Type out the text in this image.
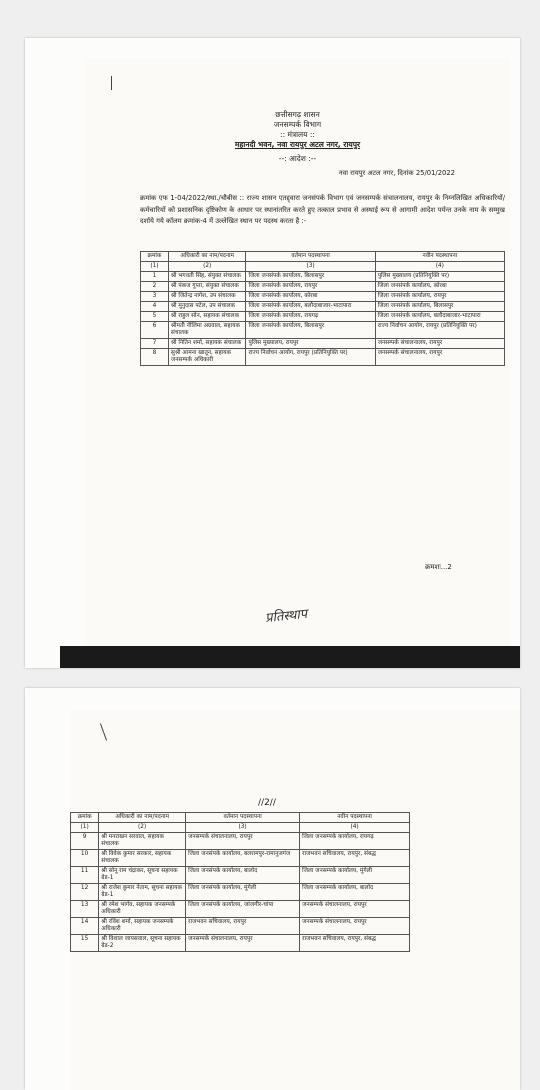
छत्तीसगढ़ शासन
जनसम्पर्क विभाग
:: मंत्रालय ::
महानदी भवन, नवा रायपुर अटल नगर, रायपुर
--: आदेश :--
नवा रायपुर अटल नगर, दिनांक 25/01/2022
क्रमांक एफ 1-04/2022/स्था./चौबीस :: राज्य शासन एतद्द्वारा जनसंपर्क विभाग एवं जनसम्पर्क संचालनालय, रायपुर के निम्नलिखित अधिकारियों/कर्मचारियों को प्रशासनिक दृष्टिकोण के आधार पर स्थानांतरित करते हुए तत्काल प्रभाव से अस्थाई रूप से आगामी आदेश पर्यन्त उनके नाम के सम्मुख दर्शाये गये कॉलम क्रमांक-4 में उल्लेखित स्थान पर पदस्थ करता है :-
क्रमांक	अधिकारी का नाम/पदनाम	वर्तमान पदस्थापना	नवीन पदस्थापना
(1)	(2)	(3)	(4)
1	श्री भगवती सिंह, संयुक्त संचालक	जिला जनसंपर्क कार्यालय, बिलासपुर	पुलिस मुख्यालय (प्रतिनियुक्ति पर)
2	श्री पंकज गुप्ता, संयुक्त संचालक	जिला जनसंपर्क कार्यालय, रायपुर	जिला जनसंपर्क कार्यालय, कोरबा
3	श्री जितेन्द्र नागेश, उप संचालक	जिला जनसंपर्क कार्यालय, कोरबा	जिला जनसंपर्क कार्यालय, रायपुर
4	श्री मुनुदास पटेल, उप संचालक	जिला जनसंपर्क कार्यालय, बलौदाबाजार-भाटापारा	जिला जनसंपर्क कार्यालय, बिलासपुर
5	श्री राहुल सोन, सहायक संचालक	जिला जनसंपर्क कार्यालय, रायगढ़	जिला जनसंपर्क कार्यालय, बलौदाबाजार-भाटापारा
6	श्रीमती नीलिमा अग्रवाल, सहायक संचालक	जिला जनसंपर्क कार्यालय, बिलासपुर	राज्य निर्वाचन आयोग, रायपुर (प्रतिनियुक्ति पर)
7	श्री नितिन शर्मा, सहायक संचालक	पुलिस मुख्यालय, रायपुर	जनसम्पर्क संचालनालय, रायपुर
8	सुश्री आमना खातून, सहायक जनसम्पर्क अधिकारी	राज्य निर्वाचन आयोग, रायपुर (प्रतिनियुक्ति पर)	जनसम्पर्क संचालनालय, रायपुर
क्रमशः...2
प्रतिस्थाप
//2//
क्रमांक	अधिकारी का नाम/पदनाम	वर्तमान पदस्थापना	नवीन पदस्थापना
(1)	(2)	(3)	(4)
9	श्री मनराखन सरवाल, सहायक संचालक	जनसम्पर्क संचालनालय, रायपुर	जिला जनसम्पर्क कार्यालय, रायगढ़
10	श्री विवेक कुमार सरकार, सहायक संचालक	जिला जनसंपर्क कार्यालय, बलरामपुर-रामानुजगंज	राजभवन सचिवालय, रायपुर, संबद्ध
11	श्री सोनू राम चंद्राकर, सूचना सहायक ग्रेड-1	जिला जनसंपर्क कार्यालय, बालोद	जिला जनसम्पर्क कार्यालय, मुंगेली
12	श्री राजेश कुमार नेताम, सूचना सहायक ग्रेड-1	जिला जनसंपर्क कार्यालय, मुंगेली	जिला जनसम्पर्क कार्यालय, बालोद
13	श्री रमेश भार्गव, सहायक जनसम्पर्क अधिकारी	जिला जनसंपर्क कार्यालय, जांजगीर-चांपा	जनसम्पर्क संचालनालय, रायपुर
14	श्री रविंश शर्मा, सहायक जनसम्पर्क अधिकारी	राजभवन सचिवालय, रायपुर	जनसम्पर्क संचालनालय, रायपुर
15	श्री विशाल जायसवाल, सूचना सहायक ग्रेड-2	जनसम्पर्क संचालनालय, रायपुर	राजभवन सचिवालय, रायपुर, संबद्ध
